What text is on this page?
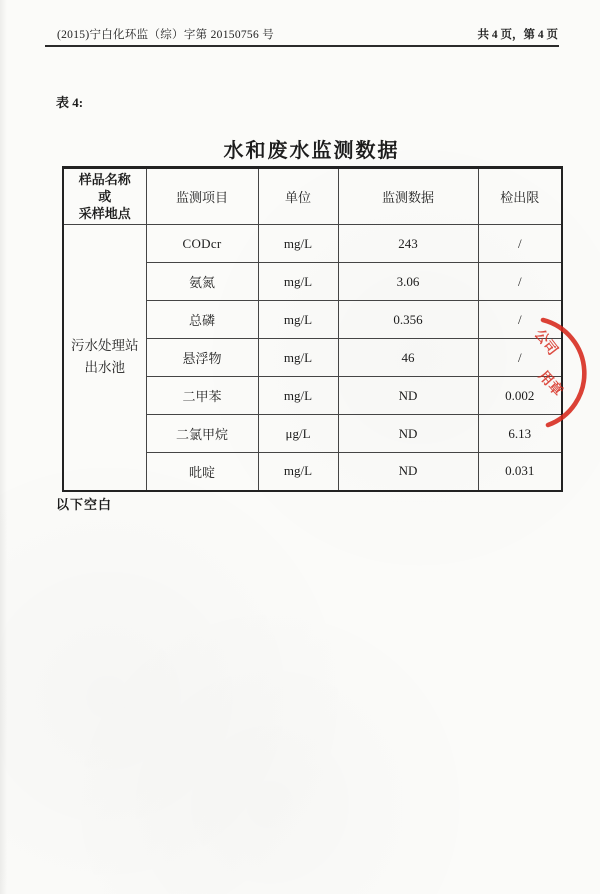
(2015)宁白化环监（综）字第 20150756 号	共 4 页，第 4 页
表 4:
水和废水监测数据
样品名称
或
采样地点	监测项目	单位	监测数据	检出限

污水处理站
出水池	CODcr	mg/L	243	/
	氨氮	mg/L	3.06	/
	总磷	mg/L	0.356	/
	悬浮物	mg/L	46	/
	二甲苯	mg/L	ND	0.002
	二氯甲烷	μg/L	ND	6.13
	吡啶	mg/L	ND	0.031
以下空白
公司
用章
